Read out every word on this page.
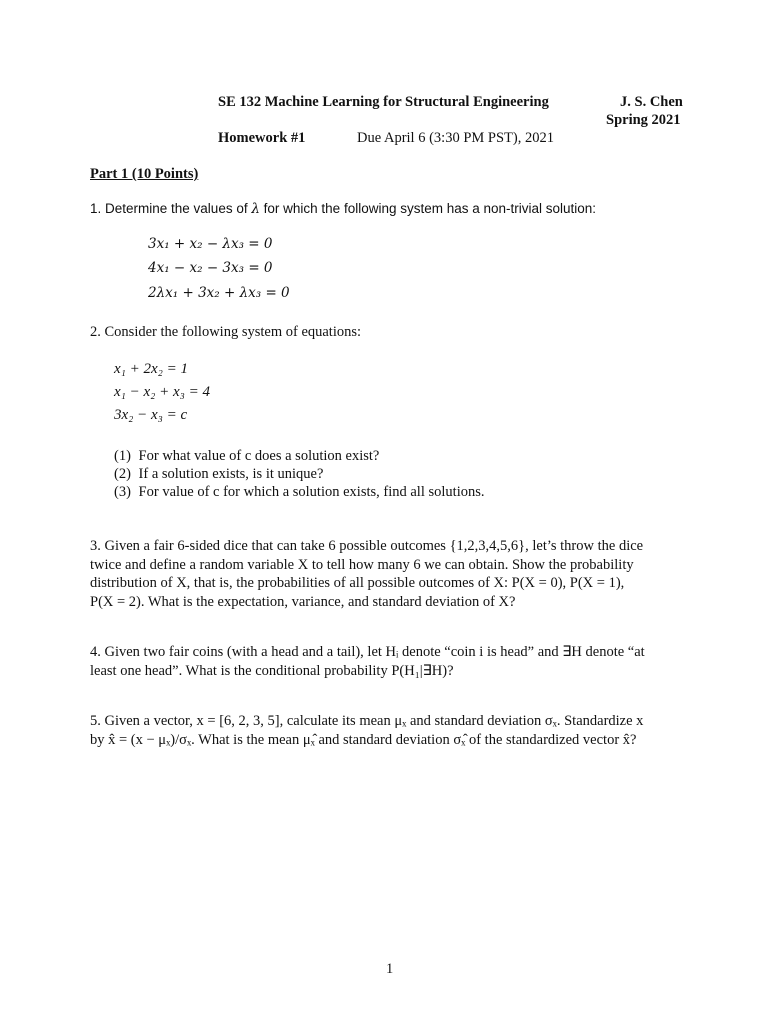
SE 132 Machine Learning for Structural Engineering	J. S. Chen
Spring 2021
Homework #1	Due April 6 (3:30 PM PST), 2021
Part 1 (10 Points)
1. Determine the values of λ for which the following system has a non-trivial solution:
3x₁ + x₂ − λx₃ = 0
4x₁ − x₂ − 3x₃ = 0
2λx₁ + 3x₂ + λx₃ = 0
2. Consider the following system of equations:
x₁ + 2x₂ = 1
x₁ − x₂ + x₃ = 4
3x₂ − x₃ = c
(1) For what value of c does a solution exist?
(2) If a solution exists, is it unique?
(3) For value of c for which a solution exists, find all solutions.
3. Given a fair 6-sided dice that can take 6 possible outcomes {1,2,3,4,5,6}, let’s throw the dice
twice and define a random variable X to tell how many 6 we can obtain. Show the probability
distribution of X, that is, the probabilities of all possible outcomes of X: P(X = 0), P(X = 1),
P(X = 2). What is the expectation, variance, and standard deviation of X?
4. Given two fair coins (with a head and a tail), let Hᵢ denote “coin i is head” and ∃H denote “at
least one head”. What is the conditional probability P(H₁|∃H)?
5. Given a vector, x = [6, 2, 3, 5], calculate its mean μₓ and standard deviation σₓ. Standardize x
by x̂ = (x − μₓ)/σₓ. What is the mean μₓ̂ and standard deviation σₓ̂ of the standardized vector x̂?
1
